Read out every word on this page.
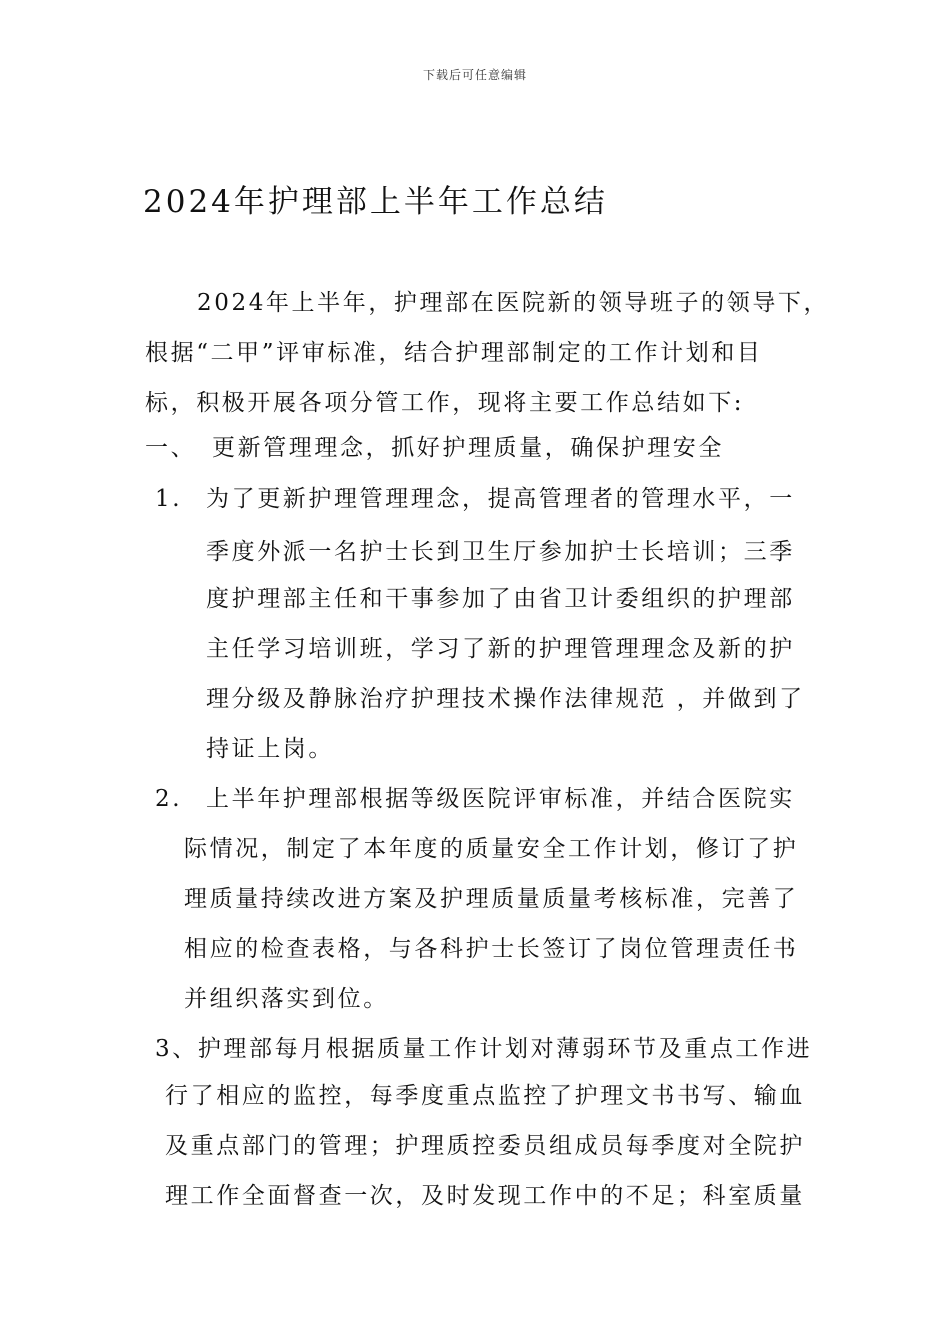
下载后可任意编辑
2024年护理部上半年工作总结
2024年上半年，护理部在医院新的领导班子的领导下，
根据“二甲”评审标准，结合护理部制定的工作计划和目
标，积极开展各项分管工作，现将主要工作总结如下:
一、 更新管理理念，抓好护理质量，确保护理安全
1. 为了更新护理管理理念，提高管理者的管理水平，一
季度外派一名护士长到卫生厅参加护士长培训；三季
度护理部主任和干事参加了由省卫计委组织的护理部
主任学习培训班，学习了新的护理管理理念及新的护
理分级及静脉治疗护理技术操作法律规范 ，并做到了
持证上岗。
2. 上半年护理部根据等级医院评审标准，并结合医院实
际情况，制定了本年度的质量安全工作计划，修订了护
理质量持续改进方案及护理质量质量考核标准，完善了
相应的检查表格，与各科护士长签订了岗位管理责任书
并组织落实到位。
3、护理部每月根据质量工作计划对薄弱环节及重点工作进
行了相应的监控，每季度重点监控了护理文书书写、输血
及重点部门的管理；护理质控委员组成员每季度对全院护
理工作全面督查一次，及时发现工作中的不足；科室质量
